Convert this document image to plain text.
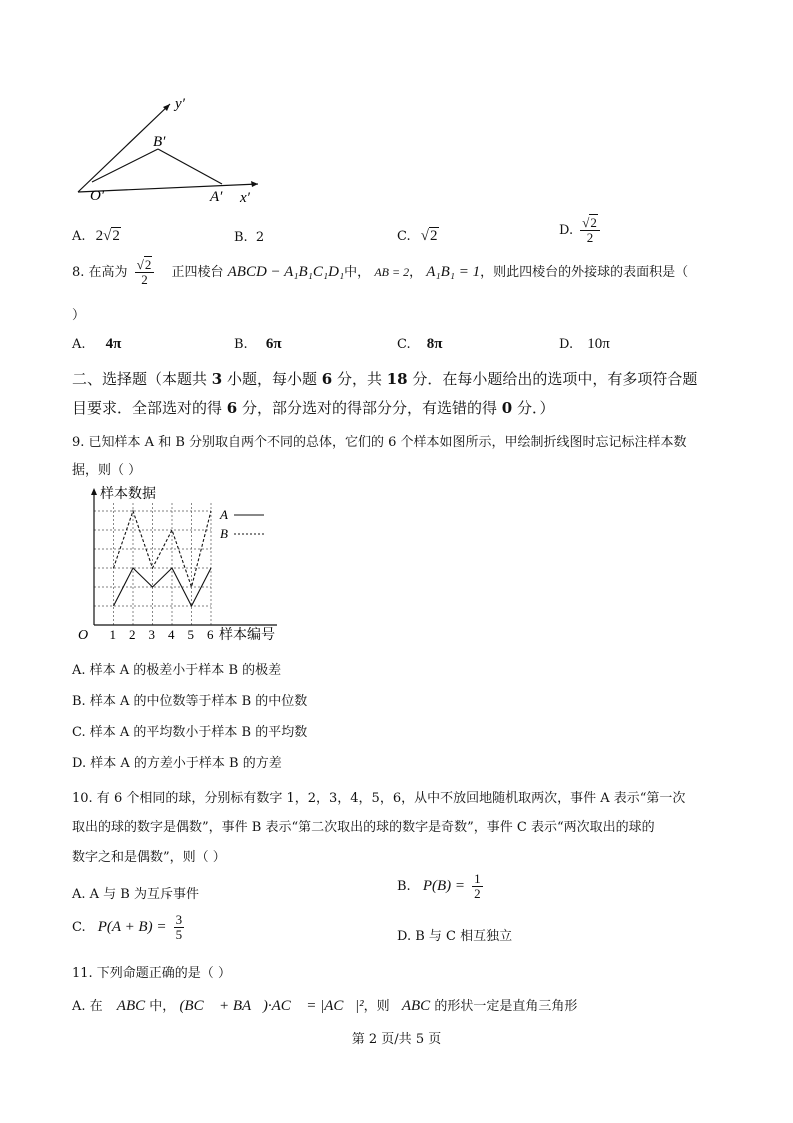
y′
x′
B′
O′	A′
A. 2√2	B. 2	C. √2	D. $\frac{√2}{2}$
8. 在高为 $\frac{√2}{2}$ 正四棱台 ABCD − A₁B₁C₁D₁中， AB = 2， A₁B₁ = 1，则此四棱台的外接球的表面积是（
）
A. 4π	B. 6π	C. 8π	D. 10π
二、选择题（本题共 3 小题，每小题 6 分，共 18 分．在每小题给出的选项中，有多项符合题
目要求．全部选对的得 6 分，部分选对的得部分分，有选错的得 0 分．）
9. 已知样本 A 和 B 分别取自两个不同的总体，它们的 6 个样本如图所示，甲绘制折线图时忘记标注样本数
据，则（ ）
1 2 3 4 5 6
O
样本数据
样本编号
A
B
A. 样本 A 的极差小于样本 B 的极差
B. 样本 A 的中位数等于样本 B 的中位数
C. 样本 A 的平均数小于样本 B 的平均数
D. 样本 A 的方差小于样本 B 的方差
10. 有 6 个相同的球，分别标有数字 1，2，3，4，5，6，从中不放回地随机取两次，事件 A 表示“第一次
取出的球的数字是偶数”，事件 B 表示“第二次取出的球的数字是奇数”，事件 C 表示“两次取出的球的
数字之和是偶数”，则（ ）
A. A 与 B 为互斥事件
B. $P(B) = \frac{1}{2}$
C. $P(A + B) = \frac{3}{5}$	D. B 与 C 相互独立
11. 下列命题正确的是（ ）
A. 在 ABC 中， (BC⃗ + BA⃗)·AC⃗ = |AC⃗|²，则 ABC 的形状一定是直角三角形
第 2 页/共 5 页
